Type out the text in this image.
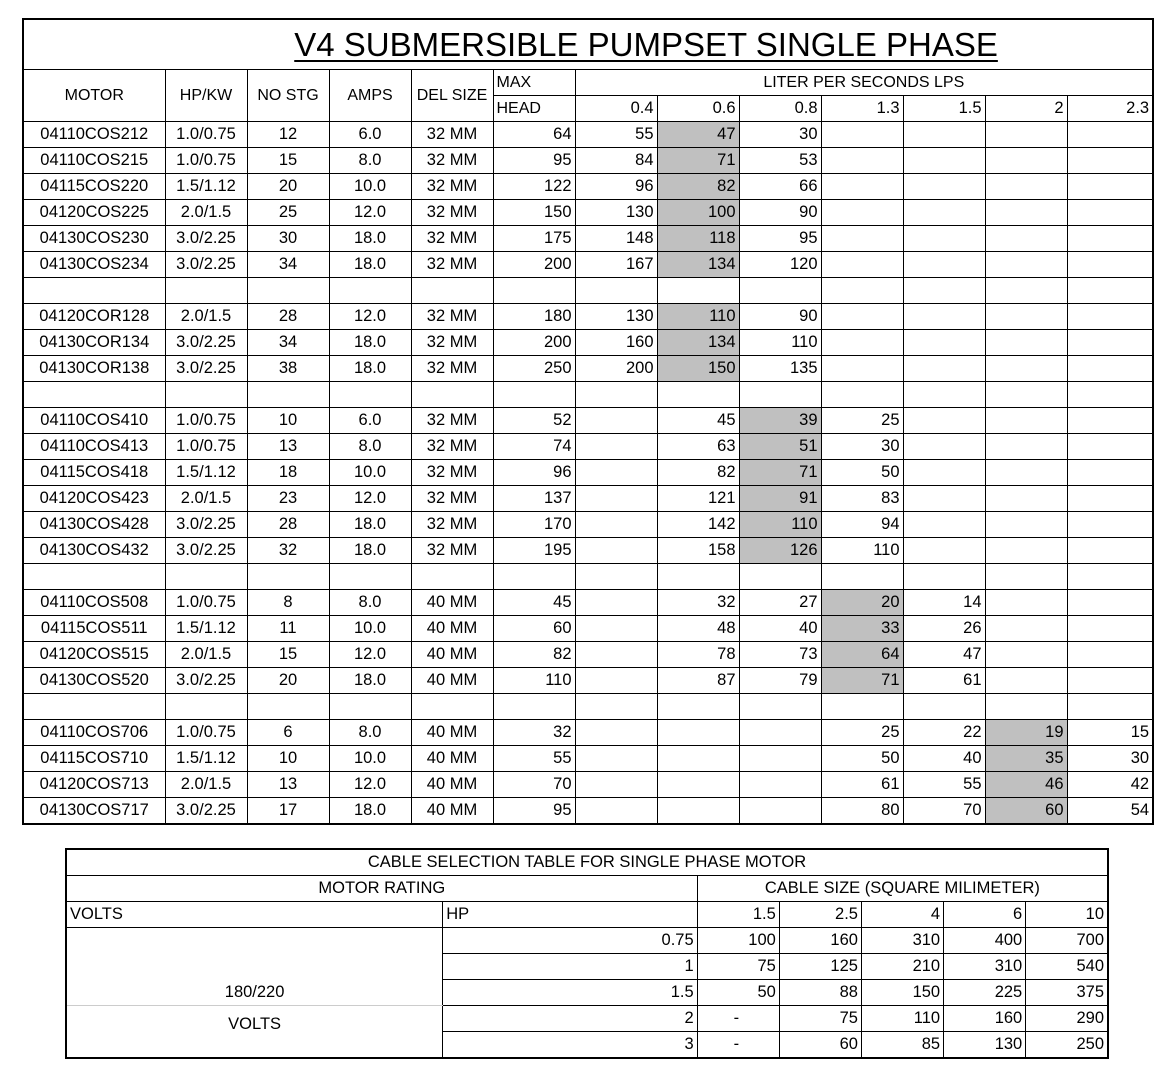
V4 SUBMERSIBLE PUMPSET SINGLE PHASE												
MOTOR	HP/KW	NO STG	AMPS	DEL SIZE	MAX	LITER PER SECONDS LPS						
					HEAD	0.4	0.6	0.8	1.3	1.5	2	2.3
04110COS212	1.0/0.75	12	6.0	32 MM	64	55	47	30				
04110COS215	1.0/0.75	15	8.0	32 MM	95	84	71	53				
04115COS220	1.5/1.12	20	10.0	32 MM	122	96	82	66				
04120COS225	2.0/1.5	25	12.0	32 MM	150	130	100	90				
04130COS230	3.0/2.25	30	18.0	32 MM	175	148	118	95				
04130COS234	3.0/2.25	34	18.0	32 MM	200	167	134	120				

04120COR128	2.0/1.5	28	12.0	32 MM	180	130	110	90				
04130COR134	3.0/2.25	34	18.0	32 MM	200	160	134	110				
04130COR138	3.0/2.25	38	18.0	32 MM	250	200	150	135				

04110COS410	1.0/0.75	10	6.0	32 MM	52		45	39	25			
04110COS413	1.0/0.75	13	8.0	32 MM	74		63	51	30			
04115COS418	1.5/1.12	18	10.0	32 MM	96		82	71	50			
04120COS423	2.0/1.5	23	12.0	32 MM	137		121	91	83			
04130COS428	3.0/2.25	28	18.0	32 MM	170		142	110	94			
04130COS432	3.0/2.25	32	18.0	32 MM	195		158	126	110			

04110COS508	1.0/0.75	8	8.0	40 MM	45		32	27	20	14		
04115COS511	1.5/1.12	11	10.0	40 MM	60		48	40	33	26		
04120COS515	2.0/1.5	15	12.0	40 MM	82		78	73	64	47		
04130COS520	3.0/2.25	20	18.0	40 MM	110		87	79	71	61		

04110COS706	1.0/0.75	6	8.0	40 MM	32				25	22	19	15
04115COS710	1.5/1.12	10	10.0	40 MM	55				50	40	35	30
04120COS713	2.0/1.5	13	12.0	40 MM	70				61	55	46	42
04130COS717	3.0/2.25	17	18.0	40 MM	95				80	70	60	54
CABLE SELECTION TABLE FOR SINGLE PHASE MOTOR						
MOTOR RATING		CABLE SIZE (SQUARE MILIMETER)				
VOLTS	HP	1.5	2.5	4	6	10
180/220	0.75	100	160	310	400	700
	1	75	125	210	310	540
	1.5	50	88	150	225	375
VOLTS	2	-	75	110	160	290
	3	-	60	85	130	250
